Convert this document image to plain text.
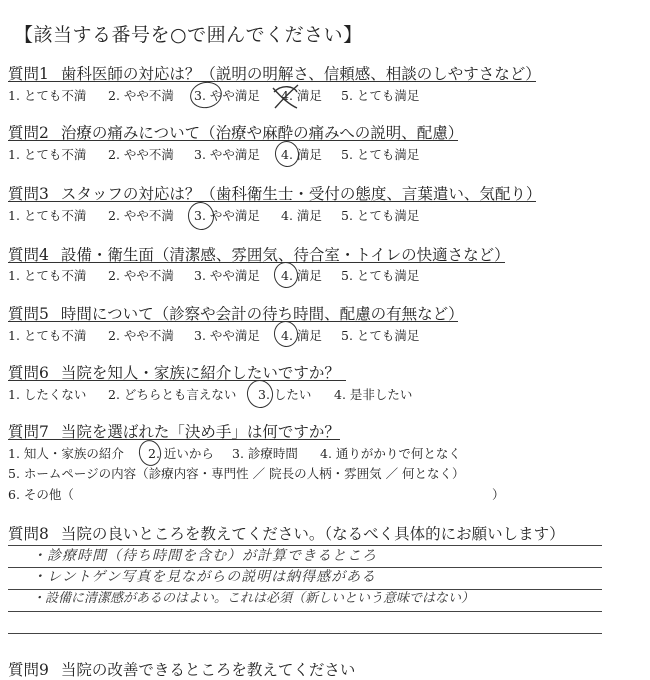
【該当する番号を○で囲んでください】
質問1 歯科医師の対応は？（説明の明解さ、信頼感、相談のしやすさなど）
1. とても不満 2. やや不満 3. やや満足 4. 満足 5. とても満足
質問2 治療の痛みについて（治療や麻酔の痛みへの説明、配慮）
1. とても不満 2. やや不満 3. やや満足 4. 満足 5. とても満足
質問3 スタッフの対応は？（歯科衛生士・受付の態度、言葉遣い、気配り）
1. とても不満 2. やや不満 3. やや満足 4. 満足 5. とても満足
質問4 設備・衛生面（清潔感、雰囲気、待合室・トイレの快適さなど）
1. とても不満 2. やや不満 3. やや満足 4. 満足 5. とても満足
質問5 時間について（診察や会計の待ち時間、配慮の有無など）
1. とても不満 2. やや不満 3. やや満足 4. 満足 5. とても満足
質問6 当院を知人・家族に紹介したいですか？
1. したくない 2. どちらとも言えない 3. したい 4. 是非したい
質問7 当院を選ばれた「決め手」は何ですか？
1. 知人・家族の紹介 2. 近いから 3. 診療時間 4. 通りがかりで何となく
5. ホームページの内容（診療内容・専門性 ／ 院長の人柄・雰囲気 ／ 何となく）
6. その他（	）
質問8 当院の良いところを教えてください。（なるべく具体的にお願いします）
・診療時間（待ち時間を含む）が計算できるところ
・レントゲン写真を見ながらの説明は納得感がある
・設備に清潔感があるのはよい。これは必須（新しいという意味ではない）
質問9 当院の改善できるところを教えてください
